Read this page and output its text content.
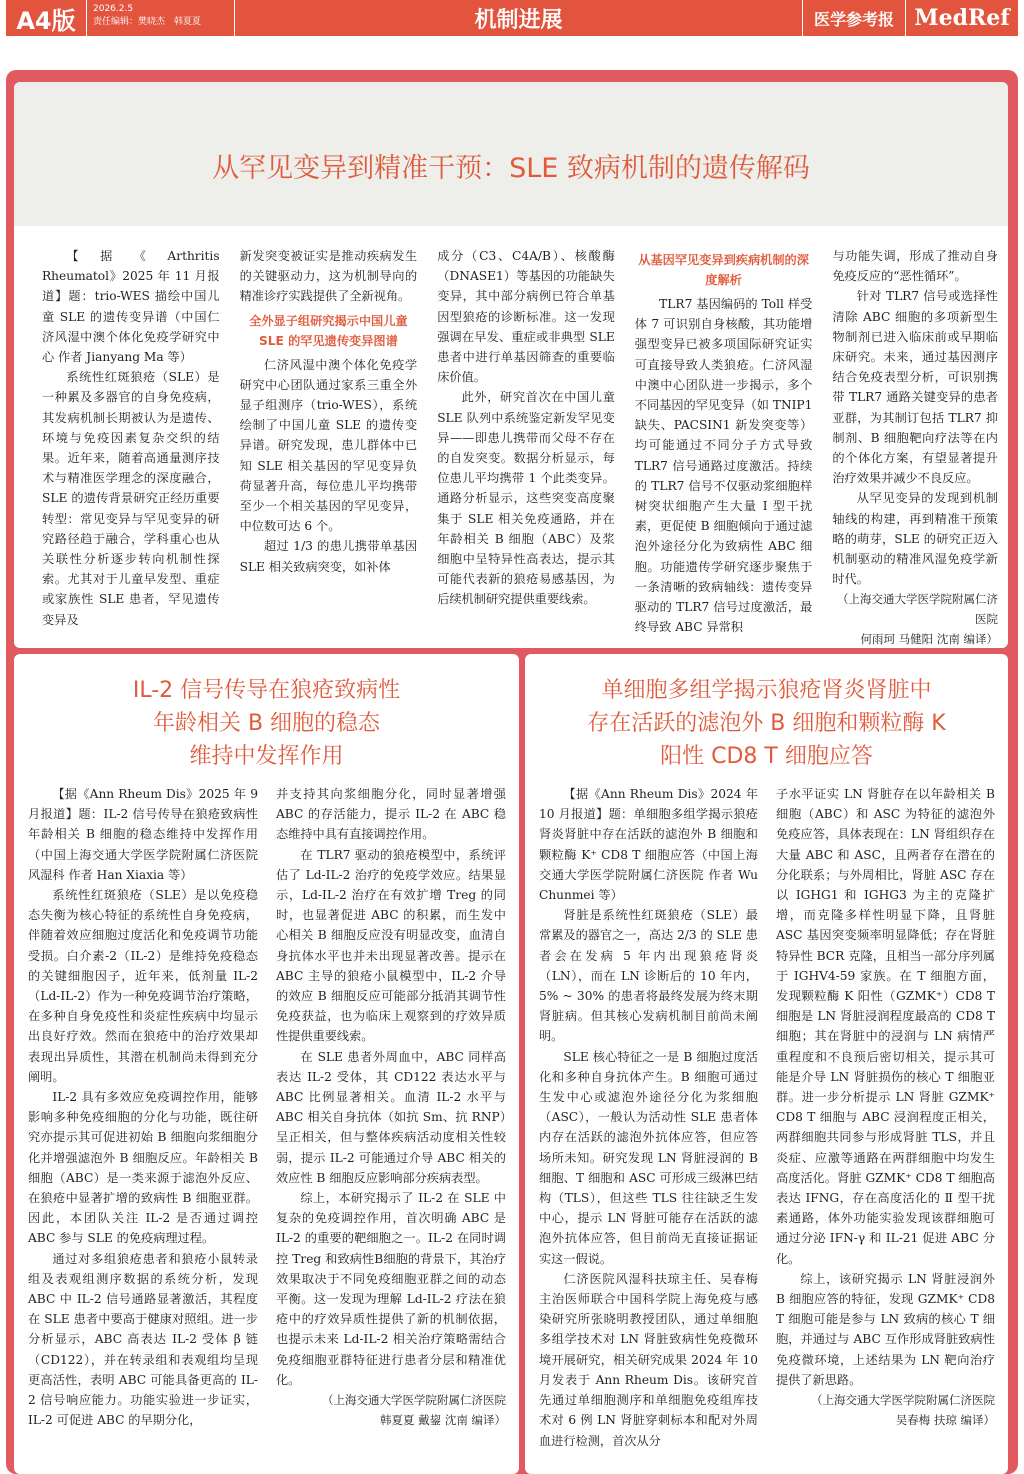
A4版	2026.2.5
责任编辑：樊晓杰　韩夏夏	机制进展	医学参考报 MedRef
从罕见变异到精准干预：SLE 致病机制的遗传解码

【据《Arthritis Rheumatol》2025 年 11 月报道】题：trio-WES 描绘中国儿童 SLE 的遗传变异谱（中国仁济风湿中澳个体化免疫学研究中心 作者 Jianyang Ma 等）

系统性红斑狼疮（SLE）是一种累及多器官的自身免疫病，其发病机制长期被认为是遗传、环境与免疫因素复杂交织的结果。近年来，随着高通量测序技术与精准医学理念的深度融合，SLE 的遗传背景研究正经历重要转型：常见变异与罕见变异的研究路径趋于融合，学科重心也从关联性分析逐步转向机制性探索。尤其对于儿童早发型、重症或家族性 SLE 患者，罕见遗传变异及

新发突变被证实是推动疾病发生的关键驱动力，这为机制导向的精准诊疗实践提供了全新视角。

全外显子组研究揭示中国儿童 SLE 的罕见遗传变异图谱

仁济风湿中澳个体化免疫学研究中心团队通过家系三重全外显子组测序（trio-WES），系统绘制了中国儿童 SLE 的遗传变异谱。研究发现，患儿群体中已知 SLE 相关基因的罕见变异负荷显著升高，每位患儿平均携带至少一个相关基因的罕见变异，中位数可达 6 个。

超过 1/3 的患儿携带单基因 SLE 相关致病突变，如补体

成分（C3、C4A/B）、核酸酶（DNASE1）等基因的功能缺失变异，其中部分病例已符合单基因型狼疮的诊断标准。这一发现强调在早发、重症或非典型 SLE 患者中进行单基因筛查的重要临床价值。

此外，研究首次在中国儿童 SLE 队列中系统鉴定新发罕见变异——即患儿携带而父母不存在的自发突变。数据分析显示，每位患儿平均携带 1 个此类变异。通路分析显示，这些突变高度聚集于 SLE 相关免疫通路，并在年龄相关 B 细胞（ABC）及浆细胞中呈特异性高表达，提示其可能代表新的狼疮易感基因，为后续机制研究提供重要线索。

从基因罕见变异到疾病机制的深度解析

TLR7 基因编码的 Toll 样受体 7 可识别自身核酸，其功能增强型变异已被多项国际研究证实可直接导致人类狼疮。仁济风湿中澳中心团队进一步揭示，多个不同基因的罕见变异（如 TNIP1 缺失、PACSIN1 新发突变等）均可能通过不同分子方式导致 TLR7 信号通路过度激活。持续的 TLR7 信号不仅驱动浆细胞样树突状细胞产生大量 I 型干扰素，更促使 B 细胞倾向于通过滤泡外途径分化为致病性 ABC 细胞。功能遗传学研究逐步聚焦于一条清晰的致病轴线：遗传变异驱动的 TLR7 信号过度激活，最终导致 ABC 异常积

与功能失调，形成了推动自身免疫反应的“恶性循环”。

针对 TLR7 信号或选择性清除 ABC 细胞的多项新型生物制剂已进入临床前或早期临床研究。未来，通过基因测序结合免疫表型分析，可识别携带 TLR7 通路关键变异的患者亚群，为其制订包括 TLR7 抑制剂、B 细胞靶向疗法等在内的个体化方案，有望显著提升治疗效果并减少不良反应。

从罕见变异的发现到机制轴线的构建，再到精准干预策略的萌芽，SLE 的研究正迈入机制驱动的精准风湿免疫学新时代。

（上海交通大学医学院附属仁济医院

何雨珂 马健阳 沈南 编译）

IL-2 信号传导在狼疮致病性
年龄相关 B 细胞的稳态
维持中发挥作用

【据《Ann Rheum Dis》2025 年 9 月报道】题：IL-2 信号传导在狼疮致病性年龄相关 B 细胞的稳态维持中发挥作用（中国上海交通大学医学院附属仁济医院风湿科 作者 Han Xiaxia 等）

系统性红斑狼疮（SLE）是以免疫稳态失衡为核心特征的系统性自身免疫病，伴随着效应细胞过度活化和免疫调节功能受损。白介素-2（IL-2）是维持免疫稳态的关键细胞因子，近年来，低剂量 IL-2（Ld-IL-2）作为一种免疫调节治疗策略，在多种自身免疫性和炎症性疾病中均显示出良好疗效。然而在狼疮中的治疗效果却表现出异质性，其潜在机制尚未得到充分阐明。

IL-2 具有多效应免疫调控作用，能够影响多种免疫细胞的分化与功能，既往研究亦提示其可促进初始 B 细胞向浆细胞分化并增强滤泡外 B 细胞反应。年龄相关 B 细胞（ABC）是一类来源于滤泡外反应、在狼疮中显著扩增的致病性 B 细胞亚群。因此，本团队关注 IL-2 是否通过调控 ABC 参与 SLE 的免疫病理过程。

通过对多组狼疮患者和狼疮小鼠转录组及表观组测序数据的系统分析，发现 ABC 中 IL-2 信号通路显著激活，其程度在 SLE 患者中要高于健康对照组。进一步分析显示，ABC 高表达 IL-2 受体 β 链（CD122），并在转录组和表观组均呈现更高活性，表明 ABC 可能具备更高的 IL-2 信号响应能力。功能实验进一步证实，IL-2 可促进 ABC 的早期分化，

并支持其向浆细胞分化，同时显著增强 ABC 的存活能力，提示 IL-2 在 ABC 稳态维持中具有直接调控作用。

在 TLR7 驱动的狼疮模型中，系统评估了 Ld-IL-2 治疗的免疫学效应。结果显示，Ld-IL-2 治疗在有效扩增 Treg 的同时，也显著促进 ABC 的积累，而生发中心相关 B 细胞反应没有明显改变，血清自身抗体水平也并未出现显著改善。提示在 ABC 主导的狼疮小鼠模型中，IL-2 介导的效应 B 细胞反应可能部分抵消其调节性免疫获益，也为临床上观察到的疗效异质性提供重要线索。

在 SLE 患者外周血中，ABC 同样高表达 IL-2 受体，其 CD122 表达水平与 ABC 比例显著相关。血清 IL-2 水平与 ABC 相关自身抗体（如抗 Sm、抗 RNP）呈正相关，但与整体疾病活动度相关性较弱，提示 IL-2 可能通过介导 ABC 相关的效应性 B 细胞反应影响部分疾病表型。

综上，本研究揭示了 IL-2 在 SLE 中复杂的免疫调控作用，首次明确 ABC 是 IL-2 的重要的靶细胞之一。IL-2 在同时调控 Treg 和致病性B细胞的背景下，其治疗效果取决于不同免疫细胞亚群之间的动态平衡。这一发现为理解 Ld-IL-2 疗法在狼疮中的疗效异质性提供了新的机制依据，也提示未来 Ld-IL-2 相关治疗策略需结合免疫细胞亚群特征进行患者分层和精准优化。

（上海交通大学医学院附属仁济医院

韩夏夏 戴鋆 沈南 编译）

单细胞多组学揭示狼疮肾炎肾脏中
存在活跃的滤泡外 B 细胞和颗粒酶 K
阳性 CD8 T 细胞应答

【据《Ann Rheum Dis》2024 年 10 月报道】题：单细胞多组学揭示狼疮肾炎肾脏中存在活跃的滤泡外 B 细胞和颗粒酶 K⁺ CD8 T 细胞应答（中国上海交通大学医学院附属仁济医院 作者 Wu Chunmei 等）

肾脏是系统性红斑狼疮（SLE）最常累及的器官之一，高达 2/3 的 SLE 患者会在发病 5 年内出现狼疮肾炎（LN），而在 LN 诊断后的 10 年内，5% ~ 30% 的患者将最终发展为终末期肾脏病。但其核心发病机制目前尚未阐明。

SLE 核心特征之一是 B 细胞过度活化和多种自身抗体产生。B 细胞可通过生发中心或滤泡外途径分化为浆细胞（ASC），一般认为活动性 SLE 患者体内存在活跃的滤泡外抗体应答，但应答场所未知。研究发现 LN 肾脏浸润的 B 细胞、T 细胞和 ASC 可形成三级淋巴结构（TLS），但这些 TLS 往往缺乏生发中心，提示 LN 肾脏可能存在活跃的滤泡外抗体应答，但目前尚无直接证据证实这一假说。

仁济医院风湿科扶琼主任、吴春梅主治医师联合中国科学院上海免疫与感染研究所张晓明教授团队，通过单细胞多组学技术对 LN 肾脏致病性免疫微环境开展研究，相关研究成果 2024 年 10 月发表于 Ann Rheum Dis。该研究首先通过单细胞测序和单细胞免疫组库技术对 6 例 LN 肾脏穿刺标本和配对外周血进行检测，首次从分

子水平证实 LN 肾脏存在以年龄相关 B 细胞（ABC）和 ASC 为特征的滤泡外免疫应答，具体表现在：LN 肾组织存在大量 ABC 和 ASC，且两者存在潜在的分化联系；与外周相比，肾脏 ASC 存在以 IGHG1 和 IGHG3 为主的克隆扩增，而克隆多样性明显下降，且肾脏 ASC 基因突变频率明显降低；存在肾脏特异性 BCR 克隆，且相当一部分序列属于 IGHV4-59 家族。在 T 细胞方面，发现颗粒酶 K 阳性（GZMK⁺）CD8 T 细胞是 LN 肾脏浸润程度最高的 CD8 T 细胞；其在肾脏中的浸润与 LN 病情严重程度和不良预后密切相关，提示其可能是介导 LN 肾脏损伤的核心 T 细胞亚群。进一步分析提示 LN 肾脏 GZMK⁺ CD8 T 细胞与 ABC 浸润程度正相关，两群细胞共同参与形成肾脏 TLS，并且炎症、应激等通路在两群细胞中均发生高度活化。肾脏 GZMK⁺ CD8 T 细胞高表达 IFNG，存在高度活化的 Ⅱ 型干扰素通路，体外功能实验发现该群细胞可通过分泌 IFN-γ 和 IL-21 促进 ABC 分化。

综上，该研究揭示 LN 肾脏浸润外 B 细胞应答的特征，发现 GZMK⁺ CD8 T 细胞可能是参与 LN 致病的核心 T 细胞，并通过与 ABC 互作形成肾脏致病性免疫微环境，上述结果为 LN 靶向治疗提供了新思路。

（上海交通大学医学院附属仁济医院

吴春梅 扶琼 编译）
